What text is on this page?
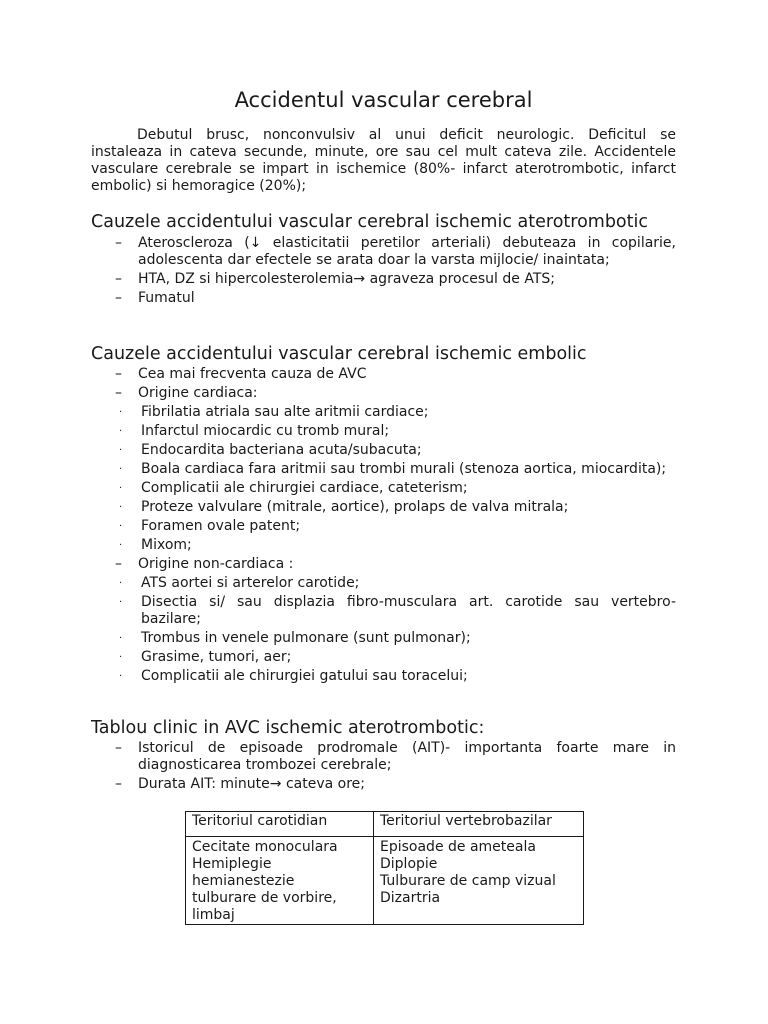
Accidentul vascular cerebral

Debutul brusc, nonconvulsiv al unui deficit neurologic. Deficitul se instaleaza in cateva secunde, minute, ore sau cel mult cateva zile. Accidentele vasculare cerebrale se impart in ischemice (80%- infarct aterotrombotic, infarct embolic) si hemoragice (20%);

Cauzele accidentului vascular cerebral ischemic aterotrombotic
– Ateroscleroza (↓ elasticitatii peretilor arteriali) debuteaza in copilarie, adolescenta dar efectele se arata doar la varsta mijlocie/ inaintata;
– HTA, DZ si hipercolesterolemia→ agraveza procesul de ATS;
– Fumatul
Cauzele accidentului vascular cerebral ischemic embolic
– Cea mai frecventa cauza de AVC
– Origine cardiaca:
· Fibrilatia atriala sau alte aritmii cardiace;
· Infarctul miocardic cu tromb mural;
· Endocardita bacteriana acuta/subacuta;
· Boala cardiaca fara aritmii sau trombi murali (stenoza aortica, miocardita);
· Complicatii ale chirurgiei cardiace, cateterism;
· Proteze valvulare (mitrale, aortice), prolaps de valva mitrala;
· Foramen ovale patent;
· Mixom;
– Origine non-cardiaca :
· ATS aortei si arterelor carotide;
· Disectia si/ sau displazia fibro-musculara art. carotide sau vertebro-bazilare;
· Trombus in venele pulmonare (sunt pulmonar);
· Grasime, tumori, aer;
· Complicatii ale chirurgiei gatului sau toracelui;
Tablou clinic in AVC ischemic aterotrombotic:
– Istoricul de episoade prodromale (AIT)- importanta foarte mare in diagnosticarea trombozei cerebrale;
– Durata AIT: minute→ cateva ore;
Teritoriul carotidian	Teritoriul vertebrobazilar

Cecitate monoculara
Hemiplegie
hemianestezie
tulburare de vorbire, limbaj	Episoade de ameteala
Diplopie
Tulburare de camp vizual
Dizartria
